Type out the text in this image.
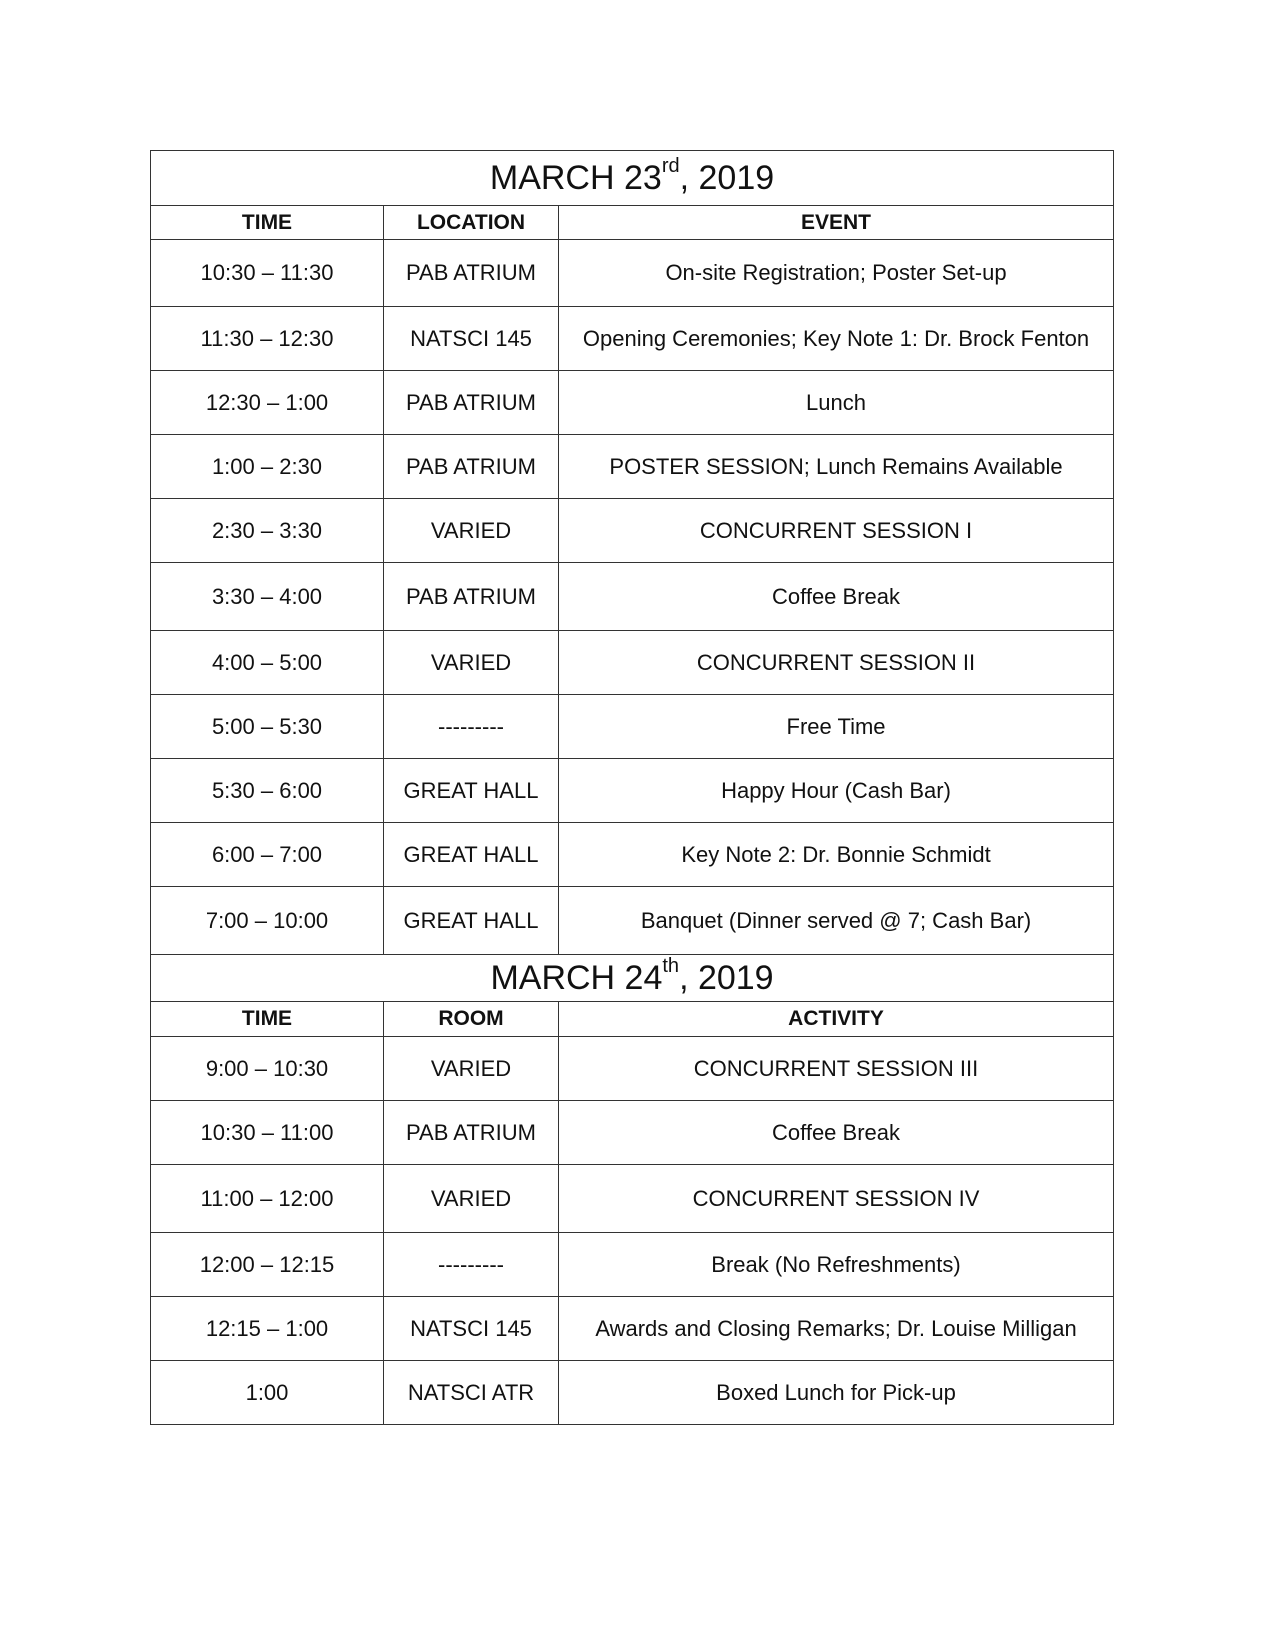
MARCH 23rd, 2019		
TIME	LOCATION	EVENT
10:30 – 11:30	PAB ATRIUM	On-site Registration; Poster Set-up
11:30 – 12:30	NATSCI 145	Opening Ceremonies; Key Note 1: Dr. Brock Fenton
12:30 – 1:00	PAB ATRIUM	Lunch
1:00 – 2:30	PAB ATRIUM	POSTER SESSION; Lunch Remains Available
2:30 – 3:30	VARIED	CONCURRENT SESSION I
3:30 – 4:00	PAB ATRIUM	Coffee Break
4:00 – 5:00	VARIED	CONCURRENT SESSION II
5:00 – 5:30	---------	Free Time
5:30 – 6:00	GREAT HALL	Happy Hour (Cash Bar)
6:00 – 7:00	GREAT HALL	Key Note 2: Dr. Bonnie Schmidt
7:00 – 10:00	GREAT HALL	Banquet (Dinner served @ 7; Cash Bar)
MARCH 24th, 2019		
TIME	ROOM	ACTIVITY
9:00 – 10:30	VARIED	CONCURRENT SESSION III
10:30 – 11:00	PAB ATRIUM	Coffee Break
11:00 – 12:00	VARIED	CONCURRENT SESSION IV
12:00 – 12:15	---------	Break (No Refreshments)
12:15 – 1:00	NATSCI 145	Awards and Closing Remarks; Dr. Louise Milligan
1:00	NATSCI ATR	Boxed Lunch for Pick-up
